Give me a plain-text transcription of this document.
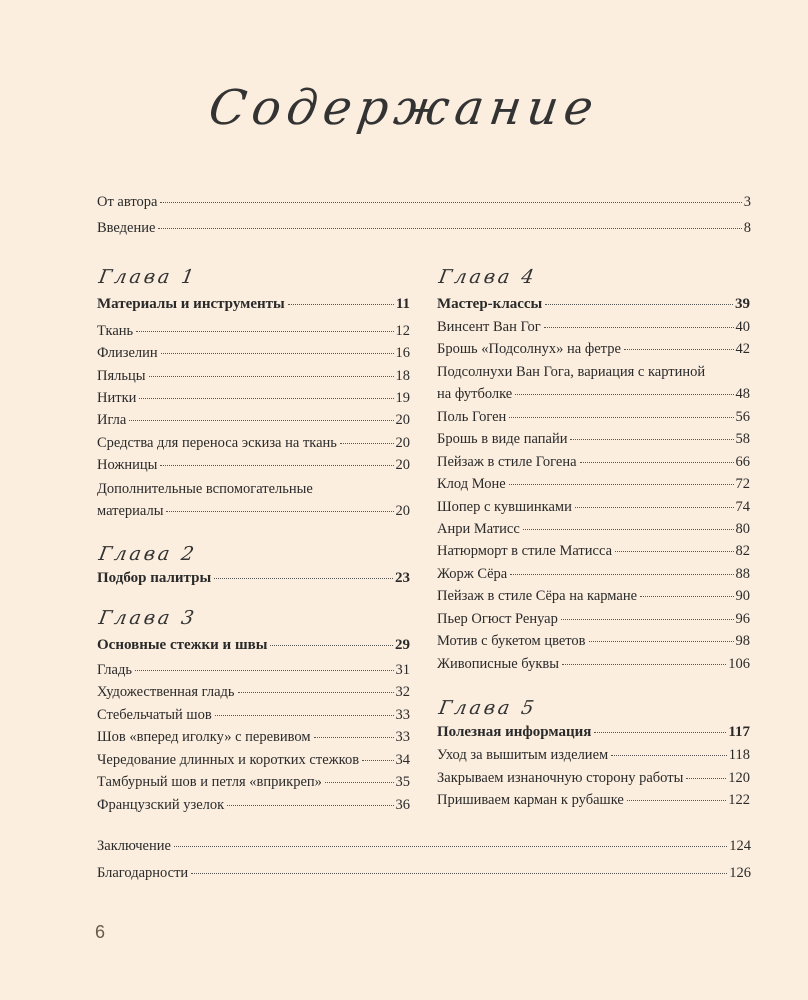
Содержание
От автора	3
Введение	8
Глава 1
Материалы и инструменты	11
Ткань	12
Флизелин	16
Пяльцы	18
Нитки	19
Игла	20
Средства для переноса эскиза на ткань	20
Ножницы	20
Дополнительные вспомогательные
материалы	20
Глава 2
Подбор палитры	23
Глава 3
Основные стежки и швы	29
Гладь	31
Художественная гладь	32
Стебельчатый шов	33
Шов «вперед иголку» с перевивом	33
Чередование длинных и коротких стежков	34
Тамбурный шов и петля «вприкреп»	35
Французский узелок	36
Глава 4
Мастер-классы	39
Винсент Ван Гог	40
Брошь «Подсолнух» на фетре	42
Подсолнухи Ван Гога, вариация с картиной
на футболке	48
Поль Гоген	56
Брошь в виде папайи	58
Пейзаж в стиле Гогена	66
Клод Моне	72
Шопер с кувшинками	74
Анри Матисс	80
Натюрморт в стиле Матисса	82
Жорж Сёра	88
Пейзаж в стиле Сёра на кармане	90
Пьер Огюст Ренуар	96
Мотив с букетом цветов	98
Живописные буквы	106
Глава 5
Полезная информация	117
Уход за вышитым изделием	118
Закрываем изнаночную сторону работы	120
Пришиваем карман к рубашке	122
Заключение	124
Благодарности	126
6
